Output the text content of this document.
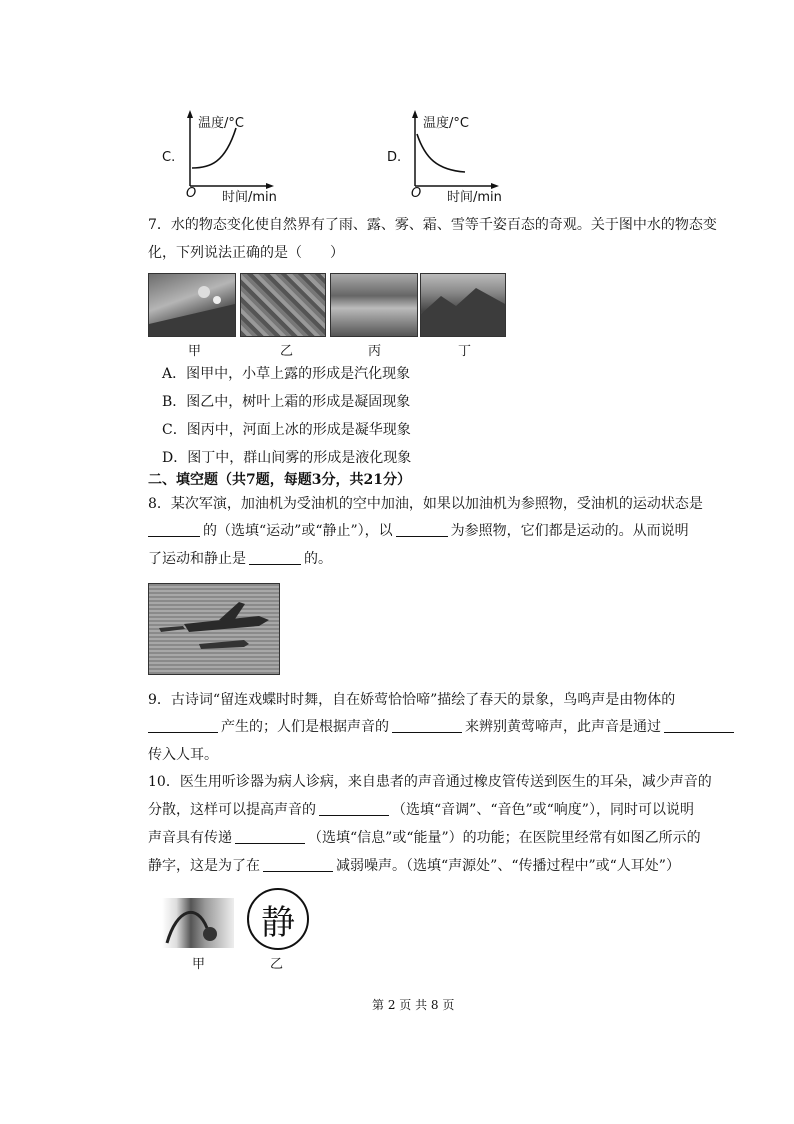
C.
温度/°C
O 时间/min
D.
温度/°C
O 时间/min
7．水的物态变化使自然界有了雨、露、雾、霜、雪等千姿百态的奇观。关于图中水的物态变
化，下列说法正确的是（　　）
甲	乙	丙	丁
A．图甲中，小草上露的形成是汽化现象
B．图乙中，树叶上霜的形成是凝固现象
C．图丙中，河面上冰的形成是凝华现象
D．图丁中，群山间雾的形成是液化现象
二、填空题（共7题，每题3分，共21分）
8．某次军演，加油机为受油机的空中加油，如果以加油机为参照物，受油机的运动状态是
的（选填“运动”或“静止”），以	为参照物，它们都是运动的。从而说明
了运动和静止是	的。
9．古诗词“留连戏蝶时时舞，自在娇莺恰恰啼”描绘了春天的景象，鸟鸣声是由物体的
产生的；人们是根据声音的	来辨别黄莺啼声，此声音是通过
传入人耳。
10．医生用听诊器为病人诊病，来自患者的声音通过橡皮管传送到医生的耳朵，减少声音的
分散，这样可以提高声音的	（选填“音调”、“音色”或“响度”），同时可以说明
声音具有传递	（选填“信息”或“能量”）的功能；在医院里经常有如图乙所示的
静字，这是为了在	减弱噪声。（选填“声源处”、“传播过程中”或“人耳处”）
静
甲	乙
第 2 页 共 8 页
